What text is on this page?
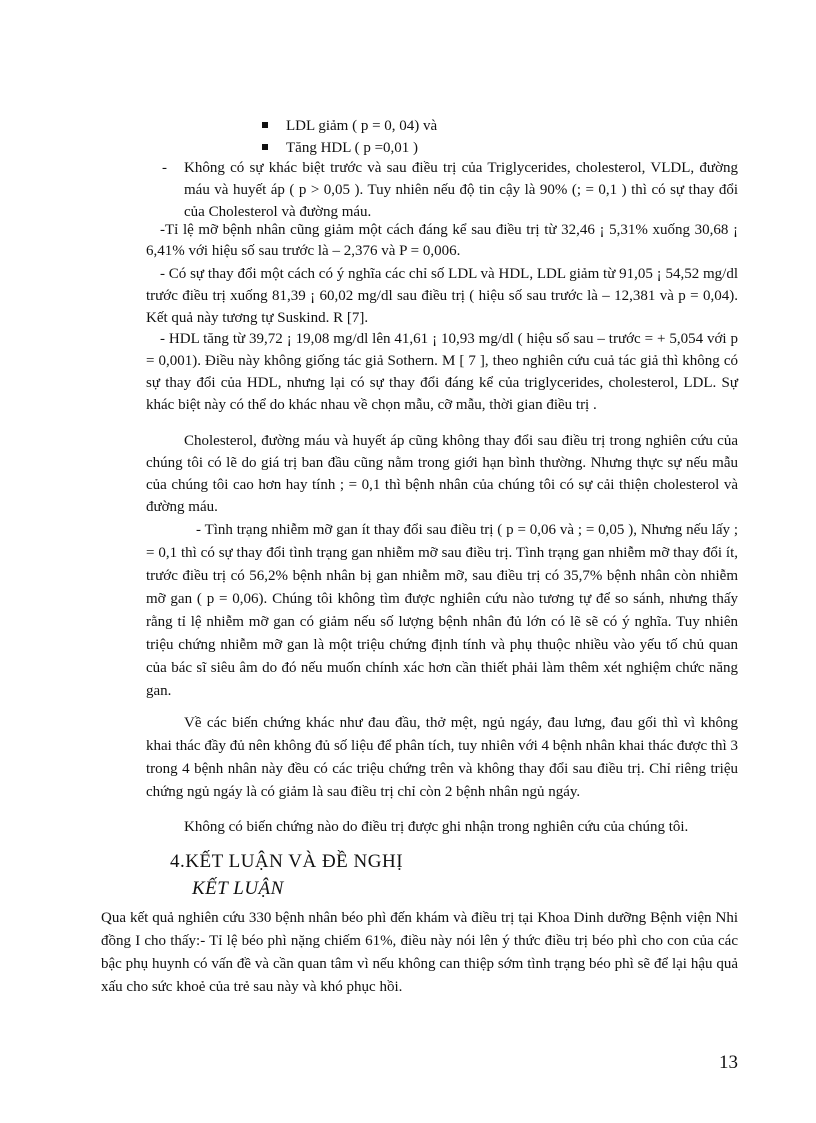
LDL giảm ( p = 0, 04) và
Tăng HDL ( p =0,01 )
- Không có sự khác biệt trước và sau điều trị của Triglycerides, cholesterol, VLDL, đường máu và huyết áp ( p > 0,05 ). Tuy nhiên nếu độ tin cậy là 90% (; = 0,1 ) thì có sự thay đổi của Cholesterol và đường máu.
-Tỉ lệ mỡ bệnh nhân cũng giảm một cách đáng kể sau điều trị từ 32,46 ¡ 5,31% xuống 30,68 ¡ 6,41% với hiệu số sau trước là – 2,376 và P = 0,006.
- Có sự thay đổi một cách có ý nghĩa các chỉ số LDL và HDL, LDL giảm từ 91,05 ¡ 54,52 mg/dl trước điều trị xuống 81,39 ¡ 60,02 mg/dl sau điều trị ( hiệu số sau trước là – 12,381 và p = 0,04). Kết quả này tương tự Suskind. R [7].
- HDL tăng từ 39,72 ¡ 19,08 mg/dl lên 41,61 ¡ 10,93 mg/dl ( hiệu số sau – trước = + 5,054 với p = 0,001). Điều này không giống tác giả Sothern. M [ 7 ], theo nghiên cứu cuả tác giả thì không có sự thay đổi của HDL, nhưng lại có sự thay đổi đáng kể của triglycerides, cholesterol, LDL. Sự khác biệt này có thể do khác nhau về chọn mẫu, cỡ mẫu, thời gian điều trị .
Cholesterol, đường máu và huyết áp cũng không thay đổi sau điều trị trong nghiên cứu của chúng tôi có lẽ do giá trị ban đầu cũng nằm trong giới hạn bình thường. Nhưng thực sự nếu mẫu của chúng tôi cao hơn hay tính ; = 0,1 thì bệnh nhân của chúng tôi có sự cải thiện cholesterol và đường máu.
- Tình trạng nhiễm mỡ gan ít thay đổi sau điều trị ( p = 0,06 và ; = 0,05 ), Nhưng nếu lấy ; = 0,1 thì có sự thay đổi tình trạng gan nhiễm mỡ sau điều trị. Tình trạng gan nhiễm mỡ thay đổi ít, trước điều trị có 56,2% bệnh nhân bị gan nhiễm mỡ, sau điều trị có 35,7% bệnh nhân còn nhiễm mỡ gan ( p = 0,06). Chúng tôi không tìm được nghiên cứu nào tương tự để so sánh, nhưng thấy rằng tỉ lệ nhiễm mỡ gan có giảm nếu số lượng bệnh nhân đủ lớn có lẽ sẽ có ý nghĩa. Tuy nhiên triệu chứng nhiễm mỡ gan là một triệu chứng định tính và phụ thuộc nhiều vào yếu tố chủ quan của bác sĩ siêu âm do đó nếu muốn chính xác hơn cần thiết phải làm thêm xét nghiệm chức năng gan.
Về các biến chứng khác như đau đầu, thở mệt, ngủ ngáy, đau lưng, đau gối thì vì không khai thác đầy đủ nên không đủ số liệu để phân tích, tuy nhiên với 4 bệnh nhân khai thác được thì 3 trong 4 bệnh nhân này đều có các triệu chứng trên và không thay đổi sau điều trị. Chỉ riêng triệu chứng ngủ ngáy là có giảm là sau điều trị chỉ còn 2 bệnh nhân ngủ ngáy.
Không có biến chứng nào do điều trị được ghi nhận trong nghiên cứu của chúng tôi.
4.KẾT LUẬN VÀ ĐỀ NGHỊ
KẾT LUẬN
Qua kết quả nghiên cứu 330 bệnh nhân béo phì đến khám và điều trị tại Khoa Dinh dưỡng Bệnh viện Nhi đồng I cho thấy:- Tỉ lệ béo phì nặng chiếm 61%, điều này nói lên ý thức điều trị béo phì cho con của các bậc phụ huynh có vấn đề và cần quan tâm vì nếu không can thiệp sớm tình trạng béo phì sẽ để lại hậu quả xấu cho sức khoẻ của trẻ sau này và khó phục hồi.
13
